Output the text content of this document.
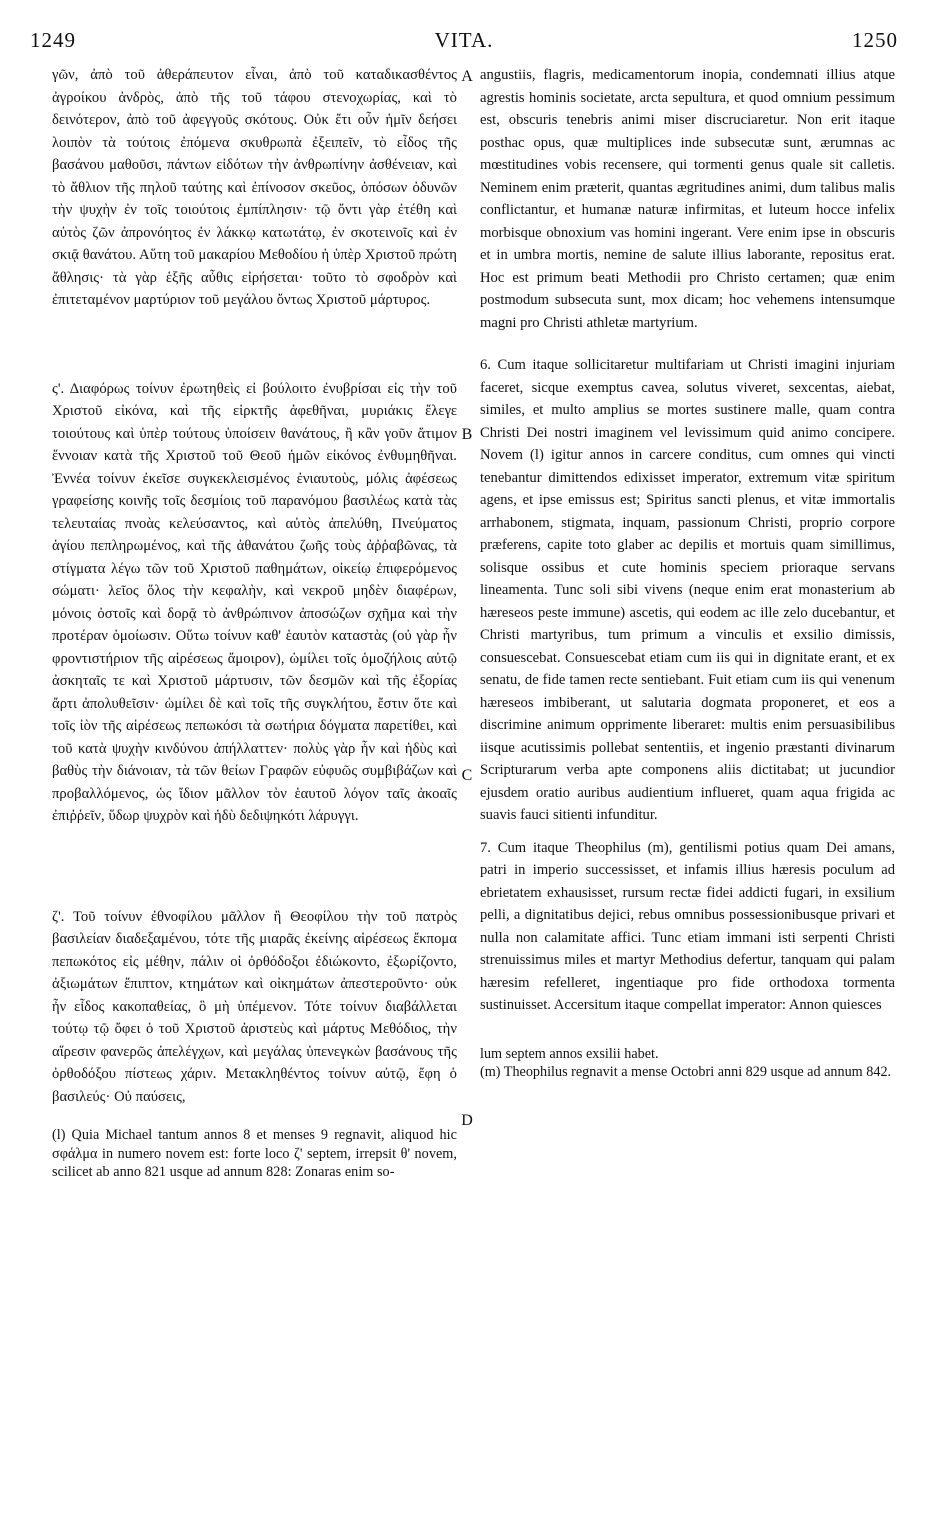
1249	VITA.	1250
A
B
C
D

γῶν, ἀπὸ τοῦ ἀθεράπευτον εἶναι, ἀπὸ τοῦ καταδικασθέντος ἀγροίκου ἀνδρὸς, ἀπὸ τῆς τοῦ τάφου στενοχωρίας, καὶ τὸ δεινότερον, ἀπὸ τοῦ ἀφεγγοῦς σκότους. Οὐκ ἔτι οὖν ἡμῖν δεήσει λοιπὸν τὰ τούτοις ἐπόμενα σκυθρωπὰ ἐξειπεῖν, τὸ εἶδος τῆς βασάνου μαθοῦσι, πάντων εἰδότων τὴν ἀνθρωπίνην ἀσθένειαν, καὶ τὸ ἄθλιον τῆς πηλοῦ ταύτης καὶ ἐπίνοσον σκεῦος, ὁπόσων ὀδυνῶν τὴν ψυχὴν ἐν τοῖς τοιούτοις ἐμπίπλησιν· τῷ ὄντι γὰρ ἐτέθη καὶ αὐτὸς ζῶν ἀπρονόητος ἐν λάκκῳ κατωτάτῳ, ἐν σκοτεινοῖς καὶ ἐν σκιᾷ θανάτου. Αὕτη τοῦ μακαρίου Μεθοδίου ἡ ὑπὲρ Χριστοῦ πρώτη ἄθλησις· τὰ γὰρ ἑξῆς αὖθις εἰρήσεται· τοῦτο τὸ σφοδρὸν καὶ ἐπιτεταμένον μαρτύριον τοῦ μεγάλου ὄντως Χριστοῦ μάρτυρος.

ς'. Διαφόρως τοίνυν ἐρωτηθεὶς εἰ βούλοιτο ἐνυβρίσαι εἰς τὴν τοῦ Χριστοῦ εἰκόνα, καὶ τῆς εἱρκτῆς ἀφεθῆναι, μυριάκις ἔλεγε τοιούτους καὶ ὑπὲρ τούτους ὑποίσειν θανάτους, ἢ κἂν γοῦν ἄτιμον ἔννοιαν κατὰ τῆς Χριστοῦ τοῦ Θεοῦ ἡμῶν εἰκόνος ἐνθυμηθῆναι. Ἐννέα τοίνυν ἐκεῖσε συγκεκλεισμένος ἐνιαυτοὺς, μόλις ἀφέσεως γραφείσης κοινῆς τοῖς δεσμίοις τοῦ παρανόμου βασιλέως κατὰ τὰς τελευταίας πνοὰς κελεύσαντος, καὶ αὐτὸς ἀπελύθη, Πνεύματος ἁγίου πεπληρωμένος, καὶ τῆς ἀθανάτου ζωῆς τοὺς ἀῤῥαβῶνας, τὰ στίγματα λέγω τῶν τοῦ Χριστοῦ παθημάτων, οἰκείῳ ἐπιφερόμενος σώματι· λεῖος ὅλος τὴν κεφαλὴν, καὶ νεκροῦ μηδὲν διαφέρων, μόνοις ὀστοῖς καὶ δορᾷ τὸ ἀνθρώπινον ἀποσώζων σχῆμα καὶ τὴν προτέραν ὁμοίωσιν. Οὕτω τοίνυν καθ' ἑαυτὸν καταστὰς (οὐ γὰρ ἦν φροντιστήριον τῆς αἱρέσεως ἄμοιρον), ὡμίλει τοῖς ὁμοζήλοις αὐτῷ ἀσκηταῖς τε καὶ Χριστοῦ μάρτυσιν, τῶν δεσμῶν καὶ τῆς ἐξορίας ἄρτι ἀπολυθεῖσιν· ὡμίλει δὲ καὶ τοῖς τῆς συγκλήτου, ἔστιν ὅτε καὶ τοῖς ἰὸν τῆς αἱρέσεως πεπωκόσι τὰ σωτήρια δόγματα παρετίθει, καὶ τοῦ κατὰ ψυχὴν κινδύνου ἀπήλλαττεν· πολὺς γὰρ ἦν καὶ ἡδὺς καὶ βαθὺς τὴν διάνοιαν, τὰ τῶν θείων Γραφῶν εὐφυῶς συμβιβάζων καὶ προβαλλόμενος, ὡς ἴδιον μᾶλλον τὸν ἑαυτοῦ λόγον ταῖς ἀκοαῖς ἐπιῤῥεῖν, ὕδωρ ψυχρὸν καὶ ἡδὺ δεδιψηκότι λάρυγγι.

ζ'. Τοῦ τοίνυν ἐθνοφίλου μᾶλλον ἢ Θεοφίλου τὴν τοῦ πατρὸς βασιλείαν διαδεξαμένου, τότε τῆς μιαρᾶς ἐκείνης αἱρέσεως ἔκπομα πεπωκότος εἰς μέθην, πάλιν οἱ ὀρθόδοξοι ἐδιώκοντο, ἐξωρίζοντο, ἀξιωμάτων ἔπιπτον, κτημάτων καὶ οἰκημάτων ἀπεστεροῦντο· οὐκ ἦν εἶδος κακοπαθείας, ὃ μὴ ὑπέμενον. Τότε τοίνυν διαβάλλεται τούτῳ τῷ ὄφει ὁ τοῦ Χριστοῦ ἀριστεὺς καὶ μάρτυς Μεθόδιος, τὴν αἵρεσιν φανερῶς ἀπελέγχων, καὶ μεγάλας ὑπενεγκὼν βασάνους τῆς ὀρθοδόξου πίστεως χάριν. Μετακληθέντος τοίνυν αὐτῷ, ἔφη ὁ βασιλεύς· Οὐ παύσεις,

(l) Quia Michael tantum annos 8 et menses 9 regnavit, aliquod hic σφάλμα in numero novem est: forte loco ζ' septem, irrepsit θ' novem, scilicet ab anno 821 usque ad annum 828: Zonaras enim so-

angustiis, flagris, medicamentorum inopia, condemnati illius atque agrestis hominis societate, arcta sepultura, et quod omnium pessimum est, obscuris tenebris animi miser discruciaretur. Non erit itaque posthac opus, quæ multiplices inde subsecutæ sunt, ærumnas ac mœstitudines vobis recensere, qui tormenti genus quale sit calletis. Neminem enim præterit, quantas ægritudines animi, dum talibus malis conflictantur, et humanæ naturæ infirmitas, et luteum hocce infelix morbisque obnoxium vas homini ingerant. Vere enim ipse in obscuris et in umbra mortis, nemine de salute illius laborante, repositus erat. Hoc est primum beati Methodii pro Christo certamen; quæ enim postmodum subsecuta sunt, mox dicam; hoc vehemens intensumque magni pro Christi athletæ martyrium.

6. Cum itaque sollicitaretur multifariam ut Christi imagini injuriam faceret, sicque exemptus cavea, solutus viveret, sexcentas, aiebat, similes, et multo amplius se mortes sustinere malle, quam contra Christi Dei nostri imaginem vel levissimum quid animo concipere. Novem (l) igitur annos in carcere conditus, cum omnes qui vincti tenebantur dimittendos edixisset imperator, extremum vitæ spiritum agens, et ipse emissus est; Spiritus sancti plenus, et vitæ immortalis arrhabonem, stigmata, inquam, passionum Christi, proprio corpore præferens, capite toto glaber ac depilis et mortuis quam simillimus, solisque ossibus et cute hominis speciem prioraque servans lineamenta. Tunc soli sibi vivens (neque enim erat monasterium ab hæreseos peste immune) ascetis, qui eodem ac ille zelo ducebantur, et Christi martyribus, tum primum a vinculis et exsilio dimissis, consuescebat. Consuescebat etiam cum iis qui in dignitate erant, et ex senatu, de fide tamen recte sentiebant. Fuit etiam cum iis qui venenum hæreseos imbiberant, ut salutaria dogmata proponeret, et eos a discrimine animum opprimente liberaret: multis enim persuasibilibus iisque acutissimis pollebat sententiis, et ingenio præstanti divinarum Scripturarum verba apte componens aliis dictitabat; ut jucundior ejusdem oratio auribus audientium influeret, quam aqua frigida ac suavis fauci sitienti infunditur.

7. Cum itaque Theophilus (m), gentilismi potius quam Dei amans, patri in imperio successisset, et infamis illius hæresis poculum ad ebrietatem exhausisset, rursum rectæ fidei addicti fugari, in exsilium pelli, a dignitatibus dejici, rebus omnibus possessionibusque privari et nulla non calamitate affici. Tunc etiam immani isti serpenti Christi strenuissimus miles et martyr Methodius defertur, tanquam qui palam hæresim refelleret, ingentiaque pro fide orthodoxa tormenta sustinuisset. Accersitum itaque compellat imperator: Annon quiesces

lum septem annos exsilii habet.

(m) Theophilus regnavit a mense Octobri anni 829 usque ad annum 842.
